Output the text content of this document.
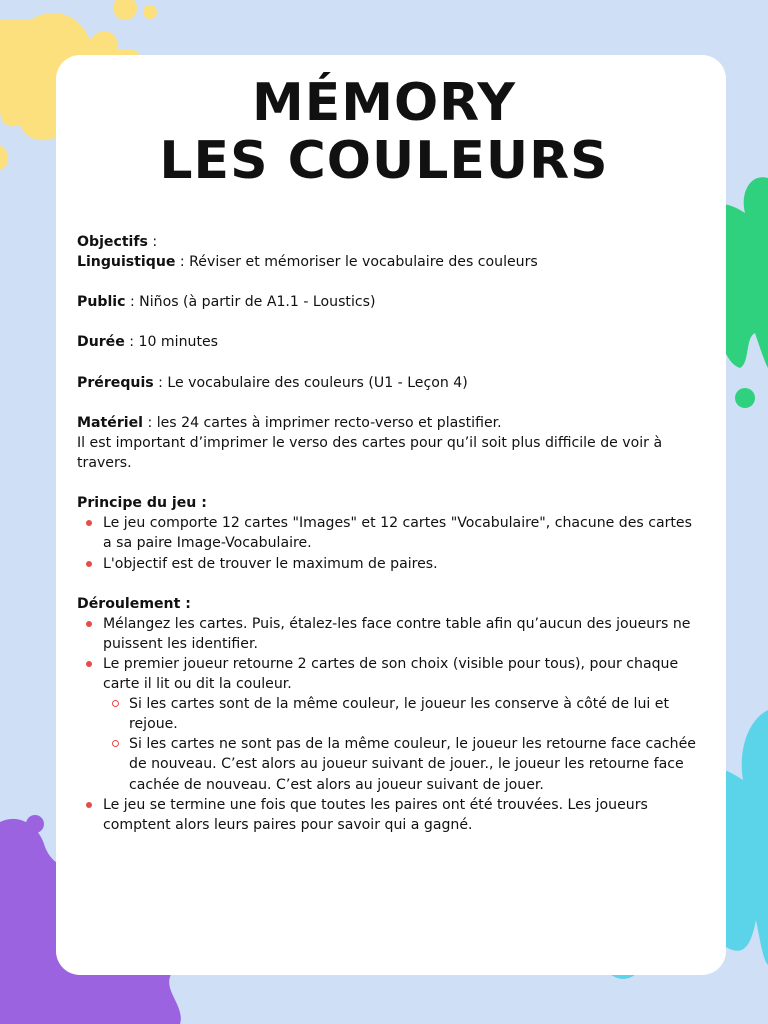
MÉMORY
LES COULEURS

Objectifs :

Linguistique : Réviser et mémoriser le vocabulaire des couleurs

Public : Niños (à partir de A1.1 - Loustics)

Durée : 10 minutes

Prérequis : Le vocabulaire des couleurs (U1 - Leçon 4)

Matériel : les 24 cartes à imprimer recto-verso et plastifier.

Il est important d’imprimer le verso des cartes pour qu’il soit plus difficile de voir à travers.

Principe du jeu :

Le jeu comporte 12 cartes "Images" et 12 cartes "Vocabulaire", chacune des cartes a sa paire Image-Vocabulaire.
L'objectif est de trouver le maximum de paires.

Déroulement :

Mélangez les cartes. Puis, étalez-les face contre table afin qu’aucun des joueurs ne puissent les identifier.
Le premier joueur retourne 2 cartes de son choix (visible pour tous), pour chaque carte il lit ou dit la couleur.
Si les cartes sont de la même couleur, le joueur les conserve à côté de lui et rejoue.
Si les cartes ne sont pas de la même couleur, le joueur les retourne face cachée de nouveau. C’est alors au joueur suivant de jouer., le joueur les retourne face cachée de nouveau. C’est alors au joueur suivant de jouer.
Le jeu se termine une fois que toutes les paires ont été trouvées. Les joueurs comptent alors leurs paires pour savoir qui a gagné.
